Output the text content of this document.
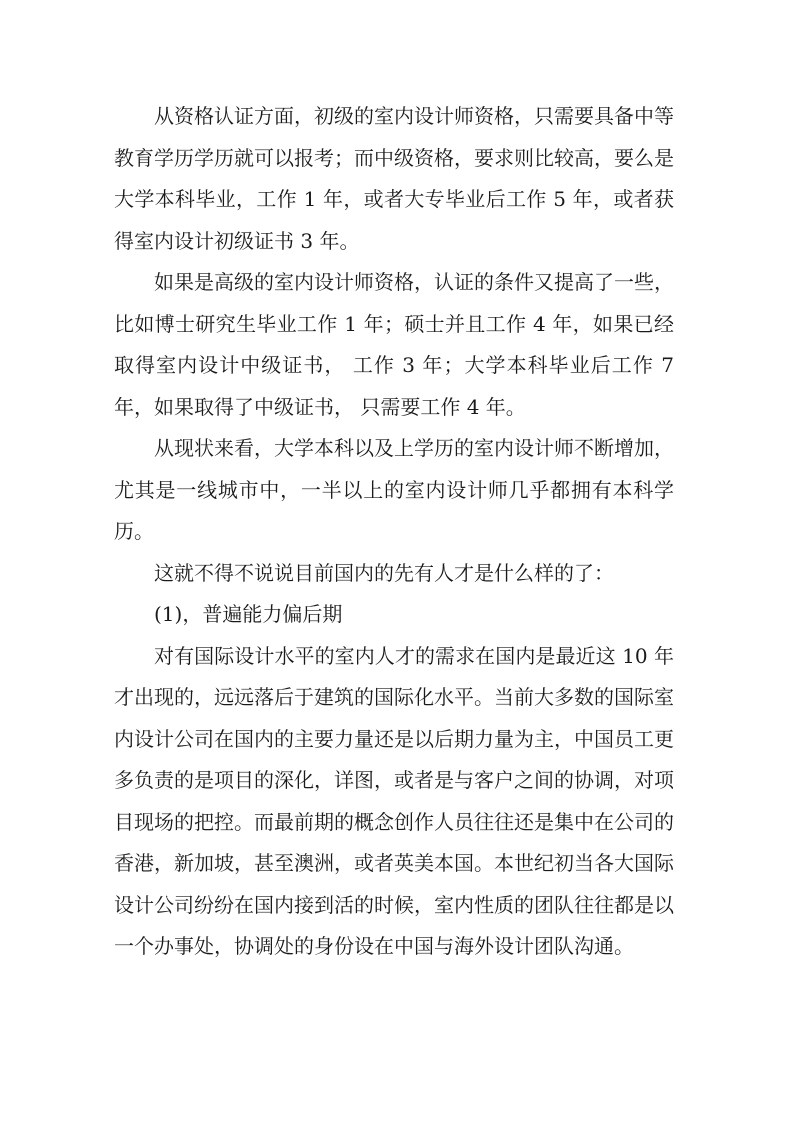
从资格认证方面，初级的室内设计师资格，只需要具备中等教育学历学历就可以报考；而中级资格，要求则比较高，要么是大学本科毕业，工作 1 年，或者大专毕业后工作 5 年，或者获得室内设计初级证书 3 年。

如果是高级的室内设计师资格，认证的条件又提高了一些，比如博士研究生毕业工作 1 年；硕士并且工作 4 年，如果已经取得室内设计中级证书， 工作 3 年；大学本科毕业后工作 7 年，如果取得了中级证书， 只需要工作 4 年。

从现状来看，大学本科以及上学历的室内设计师不断增加，尤其是一线城市中，一半以上的室内设计师几乎都拥有本科学历。

这就不得不说说目前国内的先有人才是什么样的了：

(1)，普遍能力偏后期

对有国际设计水平的室内人才的需求在国内是最近这 10 年才出现的，远远落后于建筑的国际化水平。当前大多数的国际室内设计公司在国内的主要力量还是以后期力量为主，中国员工更多负责的是项目的深化，详图，或者是与客户之间的协调，对项目现场的把控。而最前期的概念创作人员往往还是集中在公司的香港，新加坡，甚至澳洲，或者英美本国。本世纪初当各大国际设计公司纷纷在国内接到活的时候，室内性质的团队往往都是以一个办事处，协调处的身份设在中国与海外设计团队沟通。
